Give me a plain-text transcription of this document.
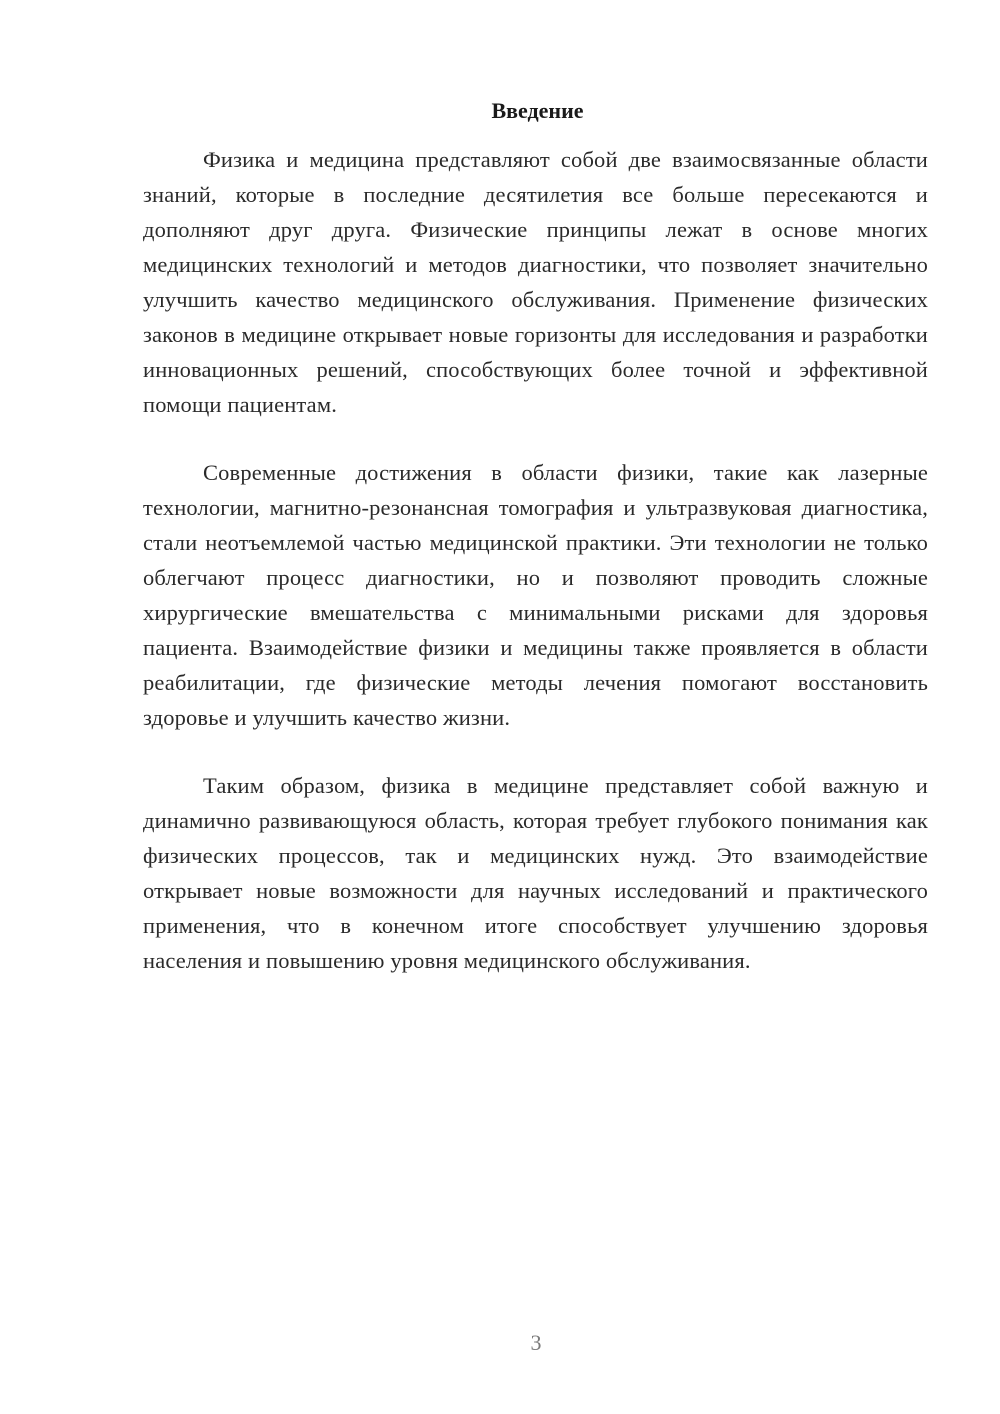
Введение

Физика и медицина представляют собой две взаимосвязанные области знаний, которые в последние десятилетия все больше пересекаются и дополняют друг друга. Физические принципы лежат в основе многих медицинских технологий и методов диагностики, что позволяет значительно улучшить качество медицинского обслуживания. Применение физических законов в медицине открывает новые горизонты для исследования и разработки инновационных решений, способствующих более точной и эффективной помощи пациентам.

Современные достижения в области физики, такие как лазерные технологии, магнитно-резонансная томография и ультразвуковая диагностика, стали неотъемлемой частью медицинской практики. Эти технологии не только облегчают процесс диагностики, но и позволяют проводить сложные хирургические вмешательства с минимальными рисками для здоровья пациента. Взаимодействие физики и медицины также проявляется в области реабилитации, где физические методы лечения помогают восстановить здоровье и улучшить качество жизни.

Таким образом, физика в медицине представляет собой важную и динамично развивающуюся область, которая требует глубокого понимания как физических процессов, так и медицинских нужд. Это взаимодействие открывает новые возможности для научных исследований и практического применения, что в конечном итоге способствует улучшению здоровья населения и повышению уровня медицинского обслуживания.

3
